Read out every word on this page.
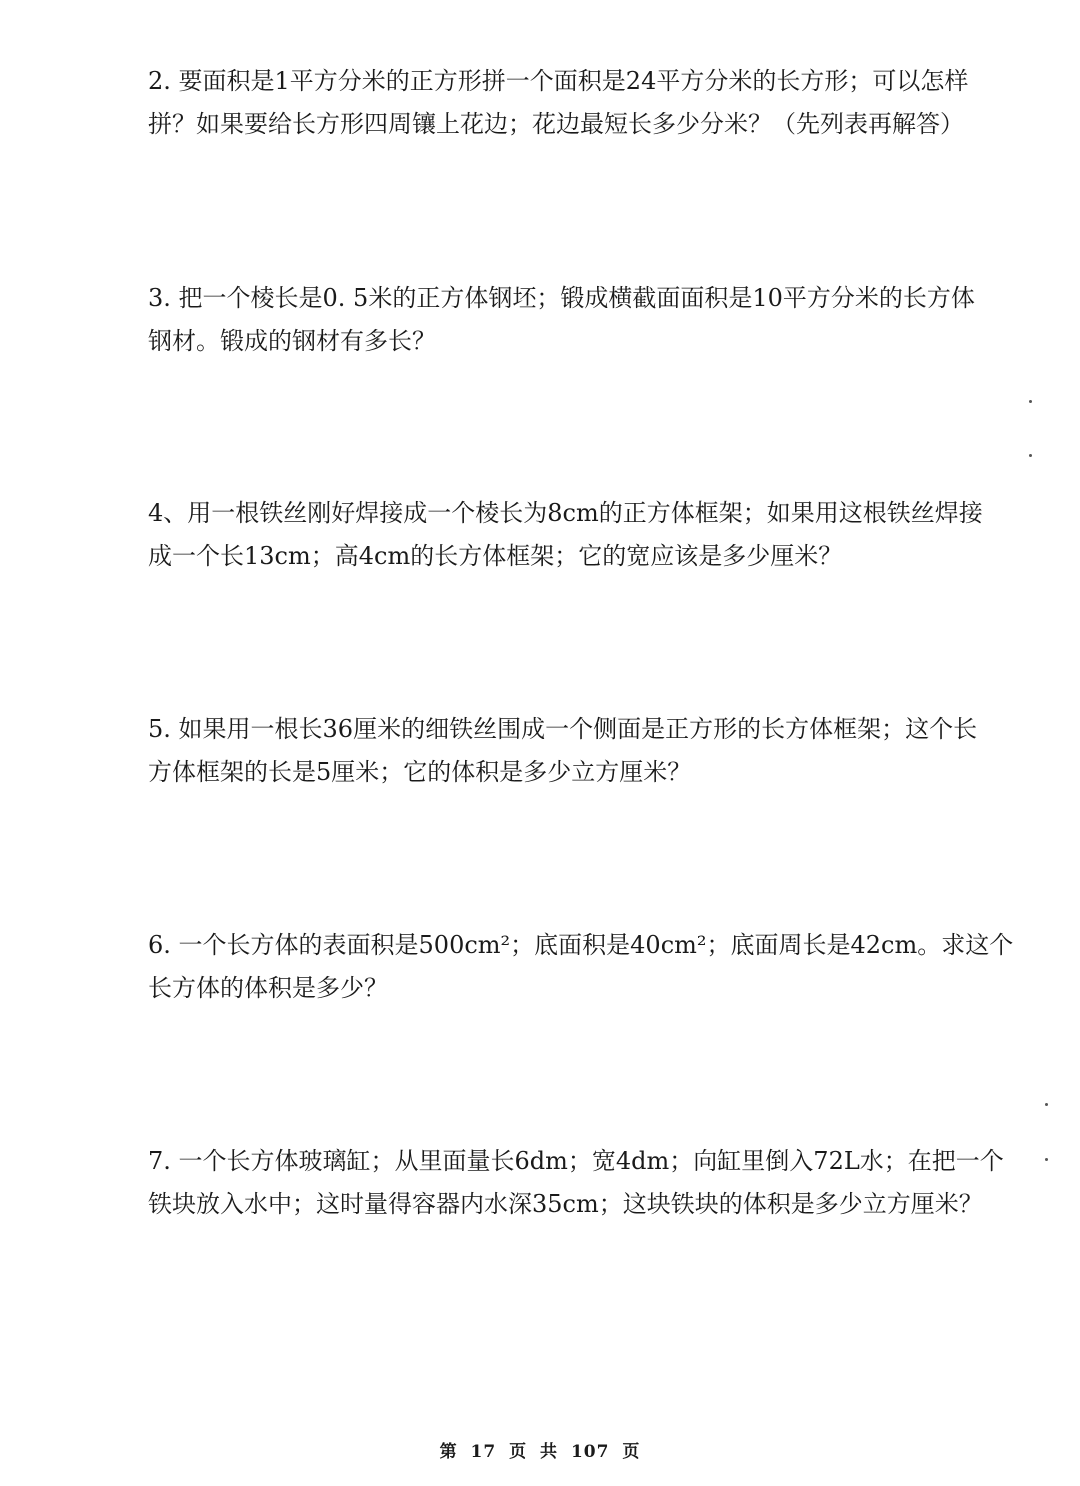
2. 要面积是1平方分米的正方形拼一个面积是24平方分米的长方形；可以怎样
拼？如果要给长方形四周镶上花边；花边最短长多少分米？（先列表再解答）

3. 把一个棱长是0. 5米的正方体钢坯；锻成横截面面积是10平方分米的长方体
钢材。锻成的钢材有多长？

4、用一根铁丝刚好焊接成一个棱长为8cm的正方体框架；如果用这根铁丝焊接
成一个长13cm；高4cm的长方体框架；它的宽应该是多少厘米？

5. 如果用一根长36厘米的细铁丝围成一个侧面是正方形的长方体框架；这个长
方体框架的长是5厘米；它的体积是多少立方厘米？

6. 一个长方体的表面积是500cm²；底面积是40cm²；底面周长是42cm。求这个
长方体的体积是多少？

7. 一个长方体玻璃缸；从里面量长6dm；宽4dm；向缸里倒入72L水；在把一个
铁块放入水中；这时量得容器内水深35cm；这块铁块的体积是多少立方厘米？

第 17 页 共 107 页
